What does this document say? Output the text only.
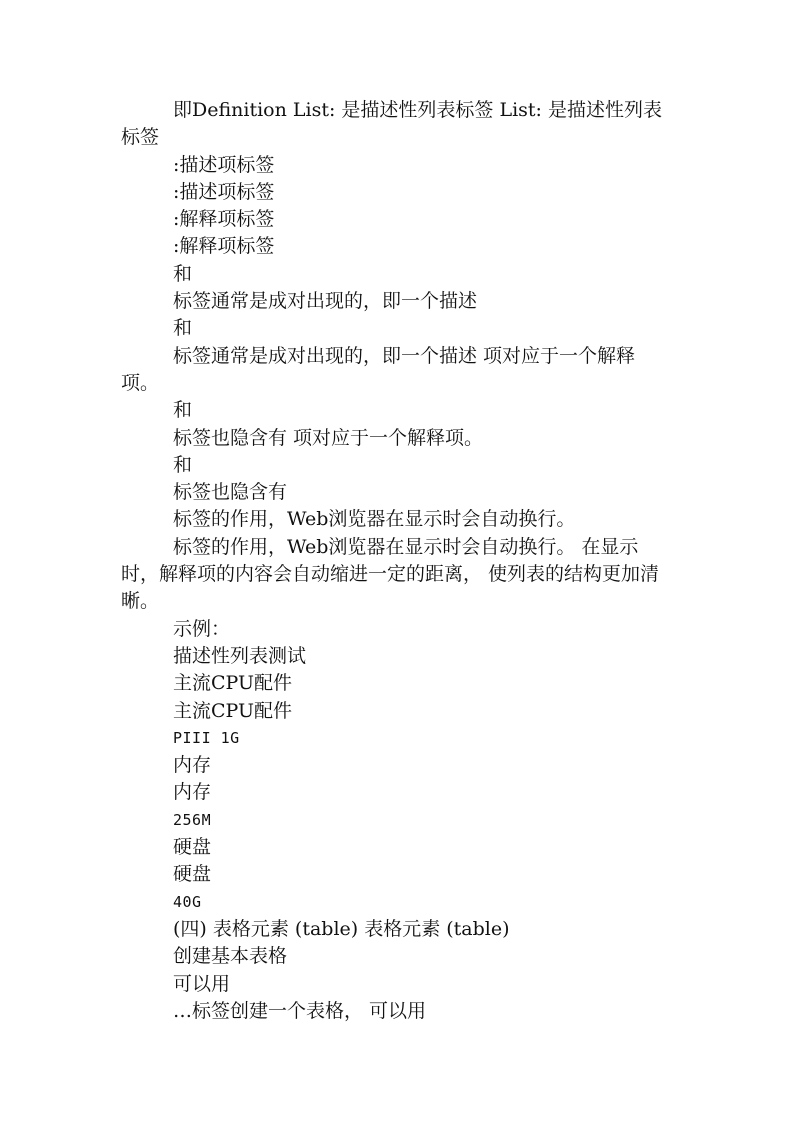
即Definition List: 是描述性列表标签 List: 是描述性列表标签

:描述项标签

:描述项标签

:解释项标签

:解释项标签

和

标签通常是成对出现的，即一个描述

和

标签通常是成对出现的，即一个描述 项对应于一个解释项。

和

标签也隐含有 项对应于一个解释项。

和

标签也隐含有

标签的作用，Web浏览器在显示时会自动换行。

标签的作用，Web浏览器在显示时会自动换行。 在显示时，解释项的内容会自动缩进一定的距离， 使列表的结构更加清晰。

示例：

描述性列表测试

主流CPU配件

主流CPU配件

PIII 1G

内存

内存

256M

硬盘

硬盘

40G

(四) 表格元素 (table) 表格元素 (table)

创建基本表格

可以用

…标签创建一个表格， 可以用
